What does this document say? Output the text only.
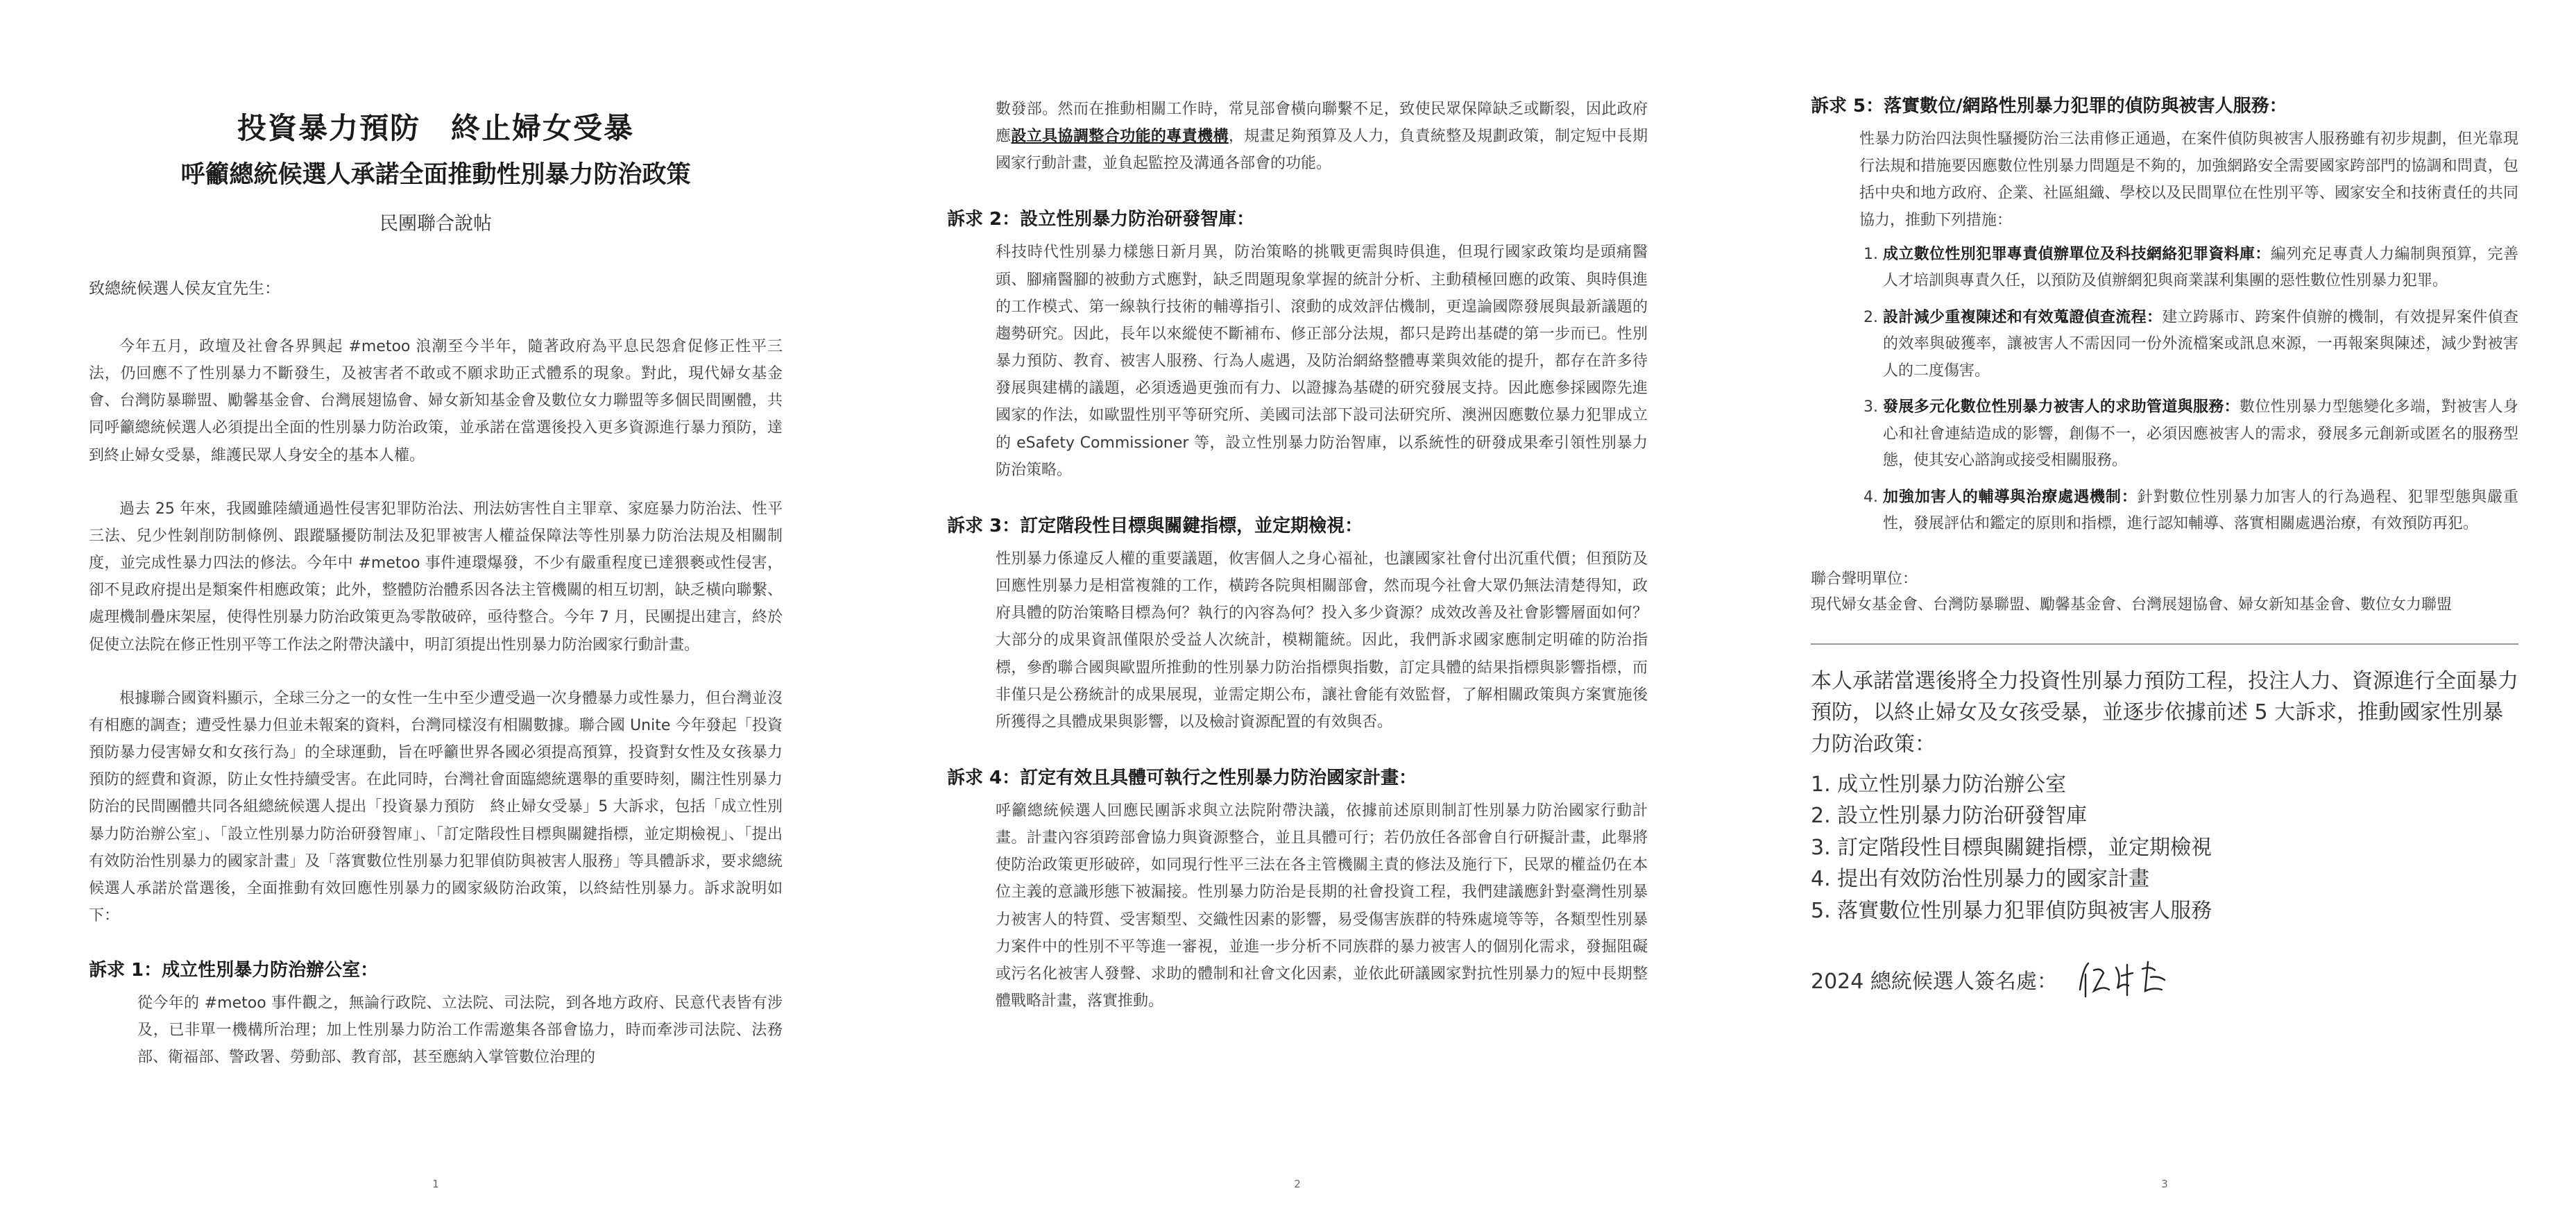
投資暴力預防　終止婦女受暴
呼籲總統候選人承諾全面推動性別暴力防治政策
民團聯合說帖
致總統候選人侯友宜先生：

今年五月，政壇及社會各界興起 #metoo 浪潮至今半年，隨著政府為平息民怨倉促修正性平三法，仍回應不了性別暴力不斷發生，及被害者不敢或不願求助正式體系的現象。對此，現代婦女基金會、台灣防暴聯盟、勵馨基金會、台灣展翅協會、婦女新知基金會及數位女力聯盟等多個民間團體，共同呼籲總統候選人必須提出全面的性別暴力防治政策，並承諾在當選後投入更多資源進行暴力預防，達到終止婦女受暴，維護民眾人身安全的基本人權。

過去 25 年來，我國雖陸續通過性侵害犯罪防治法、刑法妨害性自主罪章、家庭暴力防治法、性平三法、兒少性剝削防制條例、跟蹤騷擾防制法及犯罪被害人權益保障法等性別暴力防治法規及相關制度，並完成性暴力四法的修法。今年中 #metoo 事件連環爆發，不少有嚴重程度已達猥褻或性侵害，卻不見政府提出是類案件相應政策；此外，整體防治體系因各法主管機關的相互切割，缺乏橫向聯繫、處理機制疊床架屋，使得性別暴力防治政策更為零散破碎，亟待整合。今年 7 月，民團提出建言，終於促使立法院在修正性別平等工作法之附帶決議中，明訂須提出性別暴力防治國家行動計畫。

根據聯合國資料顯示，全球三分之一的女性一生中至少遭受過一次身體暴力或性暴力，但台灣並沒有相應的調查；遭受性暴力但並未報案的資料，台灣同樣沒有相關數據。聯合國 Unite 今年發起「投資預防暴力侵害婦女和女孩行為」的全球運動，旨在呼籲世界各國必須提高預算，投資對女性及女孩暴力預防的經費和資源，防止女性持續受害。在此同時，台灣社會面臨總統選舉的重要時刻，關注性別暴力防治的民間團體共同各組總統候選人提出「投資暴力預防　終止婦女受暴」5 大訴求，包括「成立性別暴力防治辦公室」、「設立性別暴力防治研發智庫」、「訂定階段性目標與關鍵指標，並定期檢視」、「提出有效防治性別暴力的國家計畫」及「落實數位性別暴力犯罪偵防與被害人服務」等具體訴求，要求總統候選人承諾於當選後，全面推動有效回應性別暴力的國家級防治政策，以終結性別暴力。訴求說明如下：

訴求 1：成立性別暴力防治辦公室：
從今年的 #metoo 事件觀之，無論行政院、立法院、司法院，到各地方政府、民意代表皆有涉及，已非單一機構所治理；加上性別暴力防治工作需邀集各部會協力，時而牽涉司法院、法務部、衛福部、警政署、勞動部、教育部，甚至應納入掌管數位治理的
1
數發部。然而在推動相關工作時，常見部會橫向聯繫不足，致使民眾保障缺乏或斷裂，因此政府應設立具協調整合功能的專責機構，規畫足夠預算及人力，負責統整及規劃政策，制定短中長期國家行動計畫，並負起監控及溝通各部會的功能。
訴求 2：設立性別暴力防治研發智庫：
科技時代性別暴力樣態日新月異，防治策略的挑戰更需與時俱進，但現行國家政策均是頭痛醫頭、腳痛醫腳的被動方式應對，缺乏問題現象掌握的統計分析、主動積極回應的政策、與時俱進的工作模式、第一線執行技術的輔導指引、滾動的成效評估機制，更遑論國際發展與最新議題的趨勢研究。因此，長年以來縱使不斷補布、修正部分法規，都只是跨出基礎的第一步而已。性別暴力預防、教育、被害人服務、行為人處遇，及防治網絡整體專業與效能的提升，都存在許多待發展與建構的議題，必須透過更強而有力、以證據為基礎的研究發展支持。因此應參採國際先進國家的作法，如歐盟性別平等研究所、美國司法部下設司法研究所、澳洲因應數位暴力犯罪成立的 eSafety Commissioner 等，設立性別暴力防治智庫，以系統性的研發成果牽引領性別暴力防治策略。
訴求 3：訂定階段性目標與關鍵指標，並定期檢視：
性別暴力係違反人權的重要議題，攸害個人之身心福祉，也讓國家社會付出沉重代價；但預防及回應性別暴力是相當複雜的工作，橫跨各院與相關部會，然而現今社會大眾仍無法清楚得知，政府具體的防治策略目標為何？執行的內容為何？投入多少資源？成效改善及社會影響層面如何？大部分的成果資訊僅限於受益人次統計，模糊籠統。因此，我們訴求國家應制定明確的防治指標，參酌聯合國與歐盟所推動的性別暴力防治指標與指數，訂定具體的結果指標與影響指標，而非僅只是公務統計的成果展現，並需定期公布，讓社會能有效監督，了解相關政策與方案實施後所獲得之具體成果與影響，以及檢討資源配置的有效與否。
訴求 4：訂定有效且具體可執行之性別暴力防治國家計畫：
呼籲總統候選人回應民團訴求與立法院附帶決議，依據前述原則制訂性別暴力防治國家行動計畫。計畫內容須跨部會協力與資源整合，並且具體可行；若仍放任各部會自行研擬計畫，此舉將使防治政策更形破碎，如同現行性平三法在各主管機關主責的修法及施行下，民眾的權益仍在本位主義的意識形態下被漏接。性別暴力防治是長期的社會投資工程，我們建議應針對臺灣性別暴力被害人的特質、受害類型、交織性因素的影響，易受傷害族群的特殊處境等等，各類型性別暴力案件中的性別不平等進一審視，並進一步分析不同族群的暴力被害人的個別化需求，發掘阻礙或污名化被害人發聲、求助的體制和社會文化因素，並依此研議國家對抗性別暴力的短中長期整體戰略計畫，落實推動。
2
訴求 5：落實數位/網路性別暴力犯罪的偵防與被害人服務：
性暴力防治四法與性騷擾防治三法甫修正通過，在案件偵防與被害人服務雖有初步規劃，但光靠現行法規和措施要因應數位性別暴力問題是不夠的，加強網路安全需要國家跨部門的協調和問責，包括中央和地方政府、企業、社區組織、學校以及民間單位在性別平等、國家安全和技術責任的共同協力，推動下列措施：
1. 成立數位性別犯罪專責偵辦單位及科技網絡犯罪資料庫：編列充足專責人力編制與預算，完善人才培訓與專責久任，以預防及偵辦網犯與商業謀利集團的惡性數位性別暴力犯罪。
2. 設計減少重複陳述和有效蒐證偵查流程：建立跨縣市、跨案件偵辦的機制，有效提昇案件偵查的效率與破獲率，讓被害人不需因同一份外流檔案或訊息來源，一再報案與陳述，減少對被害人的二度傷害。
3. 發展多元化數位性別暴力被害人的求助管道與服務：數位性別暴力型態變化多端，對被害人身心和社會連結造成的影響，創傷不一，必須因應被害人的需求，發展多元創新或匿名的服務型態，使其安心諮詢或接受相關服務。
4. 加強加害人的輔導與治療處遇機制：針對數位性別暴力加害人的行為過程、犯罪型態與嚴重性，發展評估和鑑定的原則和指標，進行認知輔導、落實相關處遇治療，有效預防再犯。
聯合聲明單位：
現代婦女基金會、台灣防暴聯盟、勵馨基金會、台灣展翅協會、婦女新知基金會、數位女力聯盟
本人承諾當選後將全力投資性別暴力預防工程，投注人力、資源進行全面暴力預防，以終止婦女及女孩受暴，並逐步依據前述 5 大訴求，推動國家性別暴力防治政策：
1. 成立性別暴力防治辦公室
2. 設立性別暴力防治研發智庫
3. 訂定階段性目標與關鍵指標，並定期檢視
4. 提出有效防治性別暴力的國家計畫
5. 落實數位性別暴力犯罪偵防與被害人服務
2024 總統候選人簽名處：
3
